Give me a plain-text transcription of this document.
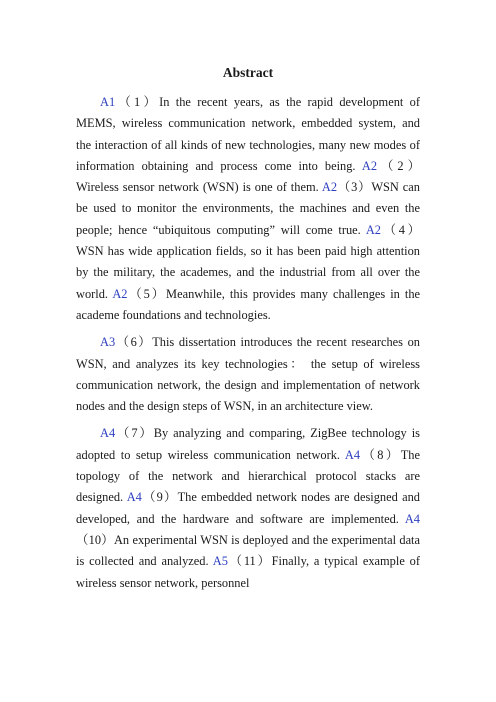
Abstract

A1（1）In the recent years, as the rapid development of MEMS, wireless communication network, embedded system, and the interaction of all kinds of new technologies, many new modes of information obtaining and process come into being. A2（2）Wireless sensor network (WSN) is one of them. A2（3）WSN can be used to monitor the environments, the machines and even the people; hence “ubiquitous computing” will come true. A2（4）WSN has wide application fields, so it has been paid high attention by the military, the academes, and the industrial from all over the world. A2（5）Meanwhile, this provides many challenges in the academe foundations and technologies.

A3（6）This dissertation introduces the recent researches on WSN, and analyzes its key technologies： the setup of wireless communication network, the design and implementation of network nodes and the design steps of WSN, in an architecture view.

A4（7）By analyzing and comparing, ZigBee technology is adopted to setup wireless communication network. A4（8）The topology of the network and hierarchical protocol stacks are designed. A4（9）The embedded network nodes are designed and developed, and the hardware and software are implemented. A4（10）An experimental WSN is deployed and the experimental data is collected and analyzed. A5（11）Finally, a typical example of wireless sensor network, personnel
